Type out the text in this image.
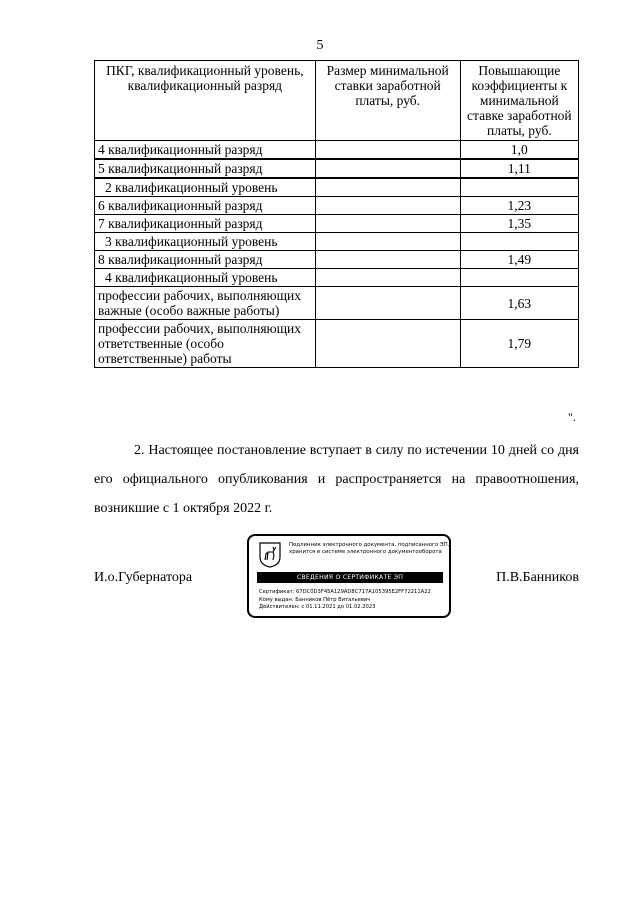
5
ПКГ, квалификационный уровень, квалификационный разряд	Размер минимальной ставки заработной платы, руб.	Повышающие коэффициенты к минимальной ставке заработной платы, руб.
4 квалификационный разряд		1,0
5 квалификационный разряд		1,11
2 квалификационный уровень		
6 квалификационный разряд		1,23
7 квалификационный разряд		1,35
3 квалификационный уровень		
8 квалификационный разряд		1,49
4 квалификационный уровень		
профессии рабочих, выполняющих важные (особо важные работы)		1,63
профессии рабочих, выполняющих ответственные (особо ответственные) работы		1,79
".
2. Настоящее постановление вступает в силу по истечении 10 дней со дня его официального опубликования и распространяется на правоотношения, возникшие с 1 октября 2022 г.
И.о.Губернатора	П.В.Банников
Подлинник электронного документа, подписанного ЭП,
хранится в системе электронного документооборота
СВЕДЕНИЯ О СЕРТИФИКАТЕ ЭП
Сертификат: 67DC0D3F45A129AD8C717A105395E2FF72211A22
Кому выдан: Банников Пётр Витальевич
Действителен: с 01.11.2021 до 01.02.2023
